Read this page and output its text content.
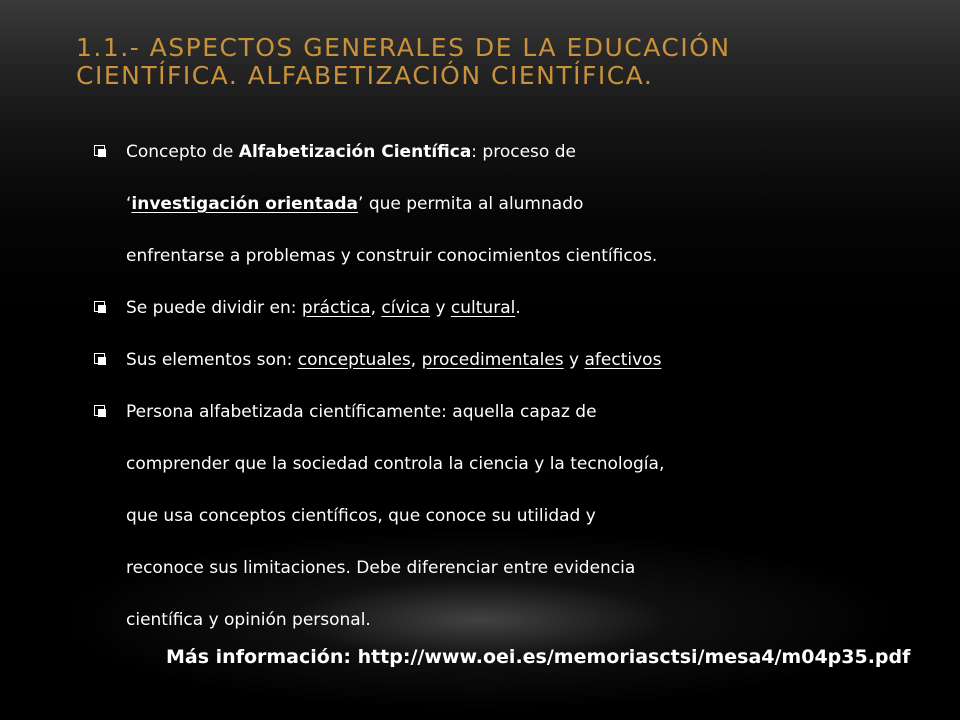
1.1.- ASPECTOS GENERALES DE LA EDUCACIÓN CIENTÍFICA. ALFABETIZACIÓN CIENTÍFICA.
Concepto de Alfabetización Científica: proceso de
‘investigación orientada’ que permita al alumnado
enfrentarse a problemas y construir conocimientos científicos.
Se puede dividir en: práctica, cívica y cultural.
Sus elementos son: conceptuales, procedimentales y afectivos
Persona alfabetizada científicamente: aquella capaz de
comprender que la sociedad controla la ciencia y la tecnología,
que usa conceptos científicos, que conoce su utilidad y
reconoce sus limitaciones. Debe diferenciar entre evidencia
científica y opinión personal.

Más información: http://www.oei.es/memoriasctsi/mesa4/m04p35.pdf
